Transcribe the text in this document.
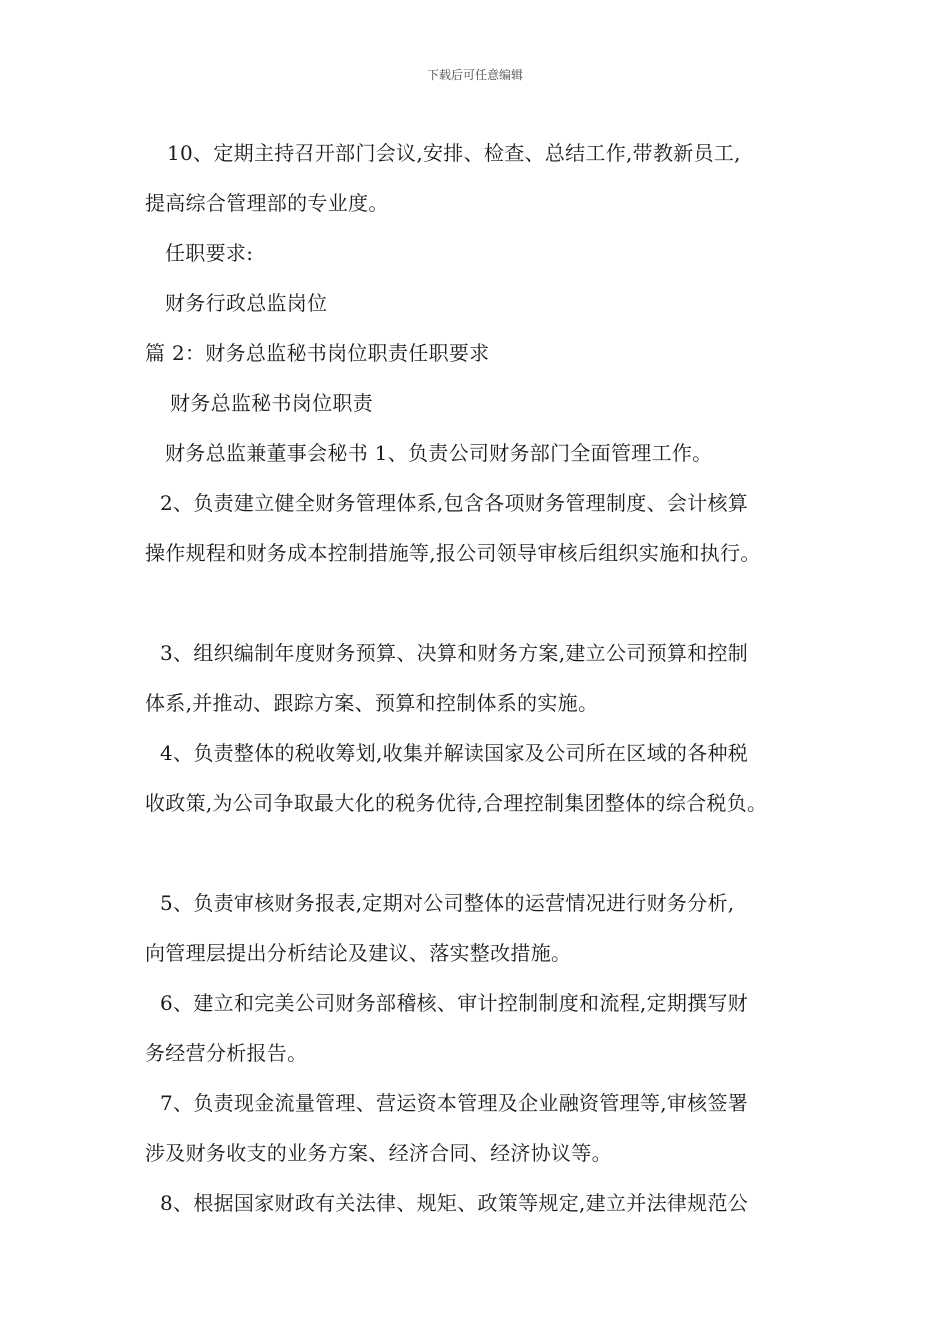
下载后可任意编辑

10、定期主持召开部门会议,安排、检查、总结工作,带教新员工,

提高综合管理部的专业度。

任职要求:

财务行政总监岗位

篇 2：财务总监秘书岗位职责任职要求

财务总监秘书岗位职责

财务总监兼董事会秘书 1、负责公司财务部门全面管理工作。

2、负责建立健全财务管理体系,包含各项财务管理制度、会计核算

操作规程和财务成本控制措施等,报公司领导审核后组织实施和执行。

3、组织编制年度财务预算、决算和财务方案,建立公司预算和控制

体系,并推动、跟踪方案、预算和控制体系的实施。

4、负责整体的税收筹划,收集并解读国家及公司所在区域的各种税

收政策,为公司争取最大化的税务优待,合理控制集团整体的综合税负。

5、负责审核财务报表,定期对公司整体的运营情况进行财务分析,

向管理层提出分析结论及建议、落实整改措施。

6、建立和完美公司财务部稽核、审计控制制度和流程,定期撰写财

务经营分析报告。

7、负责现金流量管理、营运资本管理及企业融资管理等,审核签署

涉及财务收支的业务方案、经济合同、经济协议等。

8、根据国家财政有关法律、规矩、政策等规定,建立并法律规范公
